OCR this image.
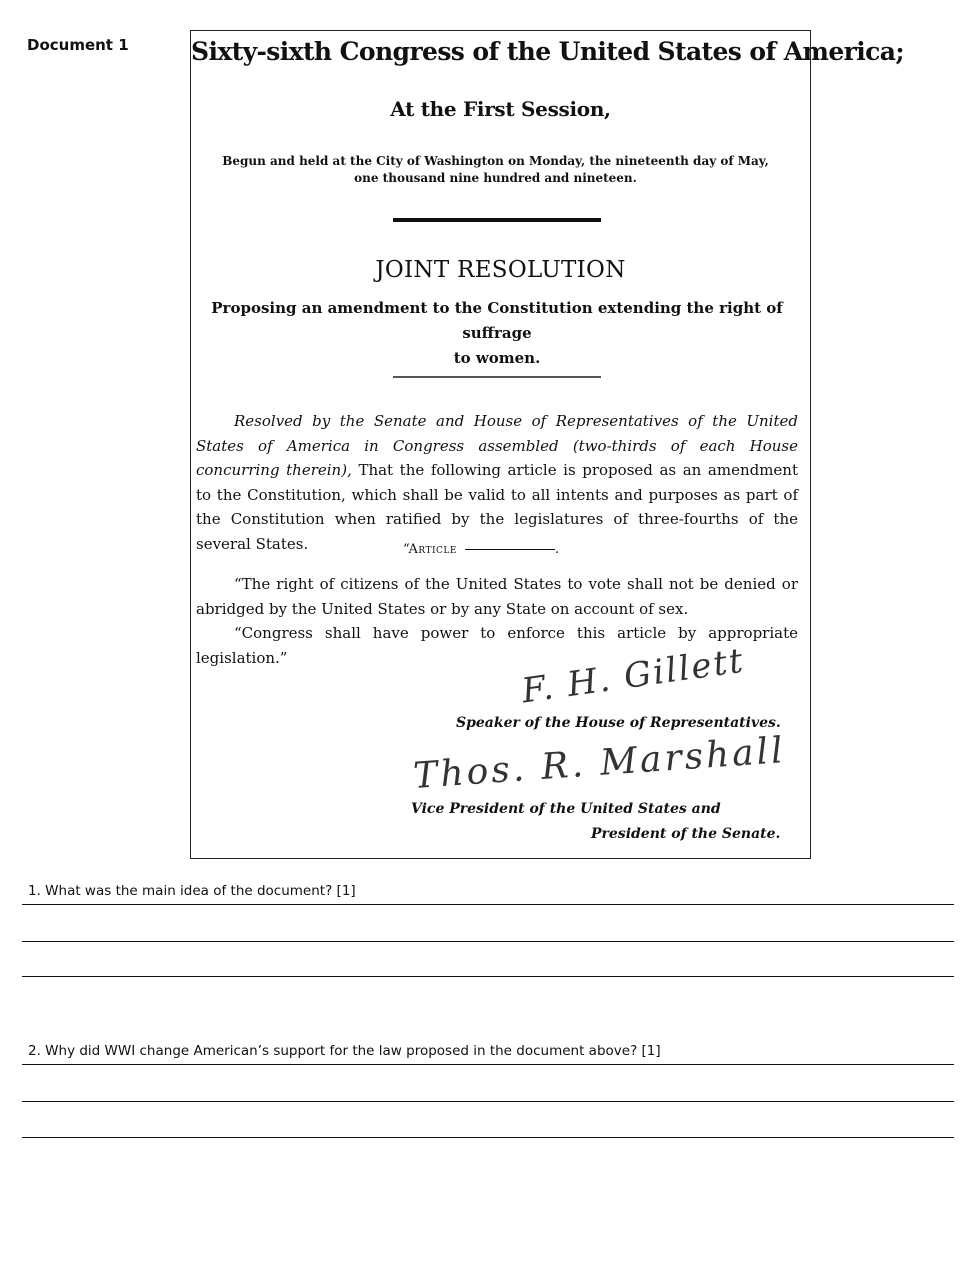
Document 1 Sixty-sixth Congress of the United States of America;
At the First Session,
Begun and held at the City of Washington on Monday, the nineteenth day of May,
one thousand nine hundred and nineteen.
JOINT RESOLUTION
Proposing an amendment to the Constitution extending the right of suffrage
to women.
Resolved by the Senate and House of Representatives of the United States of America in Congress assembled (two-thirds of each House concurring therein), That the following article is proposed as an amendment to the Constitution, which shall be valid to all intents and purposes as part of the Constitution when ratified by the legislatures of three-fourths of the several States.	“Article	.
“The right of citizens of the United States to vote shall not be denied or abridged by the United States or by any State on account of sex.
“Congress shall have power to enforce this article by appropriate legislation.”	F. H. Gillett
Speaker of the House of Representatives.
Thos. R. Marshall
Vice President of the United States and
President of the Senate.
1. What was the main idea of the document? [1]
2. Why did WWI change American’s support for the law proposed in the document above? [1]
